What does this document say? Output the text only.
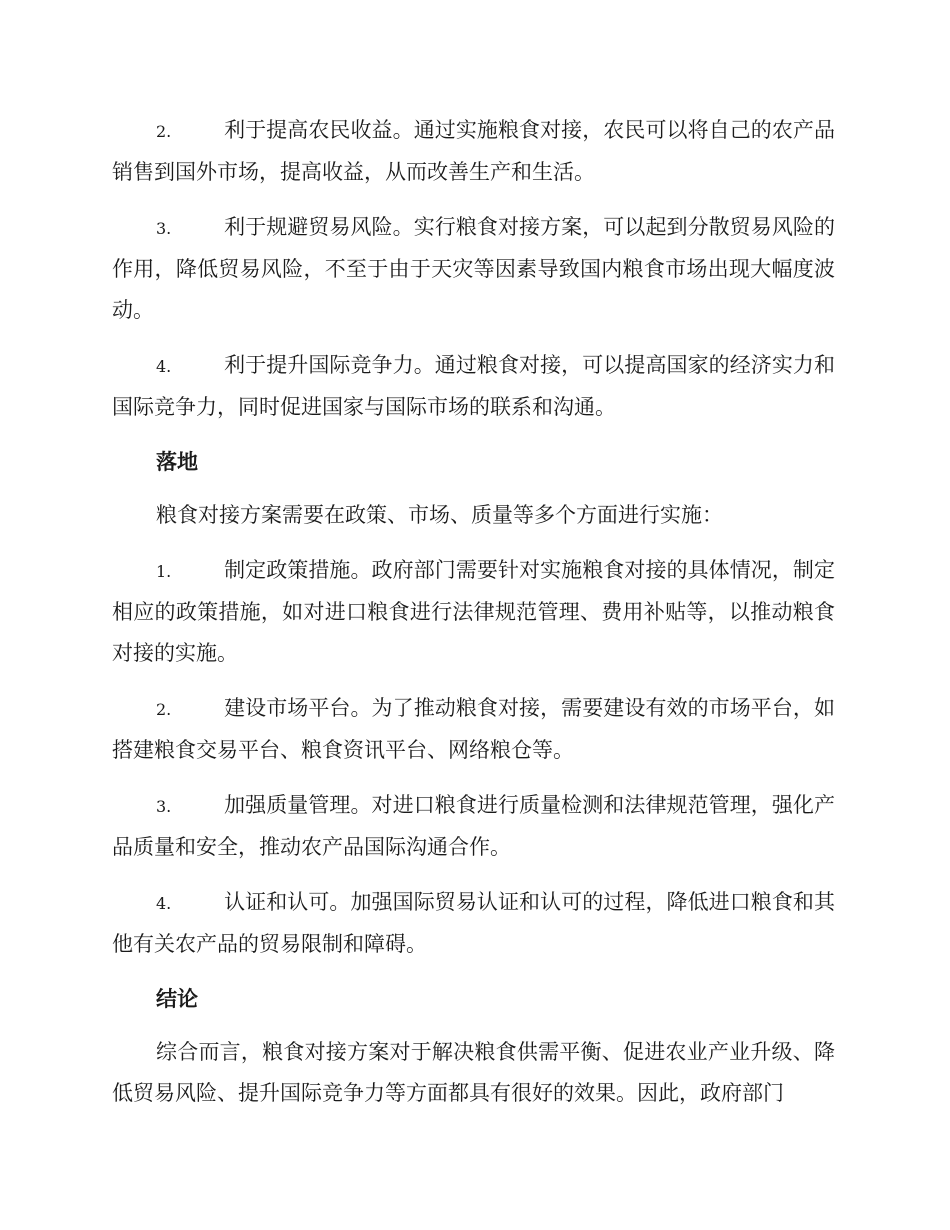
2.	利于提高农民收益。通过实施粮食对接，农民可以将自己的农产品销售到国外市场，提高收益，从而改善生产和生活。
3.	利于规避贸易风险。实行粮食对接方案，可以起到分散贸易风险的作用，降低贸易风险，不至于由于天灾等因素导致国内粮食市场出现大幅度波动。
4.	利于提升国际竞争力。通过粮食对接，可以提高国家的经济实力和国际竞争力，同时促进国家与国际市场的联系和沟通。
落地
粮食对接方案需要在政策、市场、质量等多个方面进行实施：
1.	制定政策措施。政府部门需要针对实施粮食对接的具体情况，制定相应的政策措施，如对进口粮食进行法律规范管理、费用补贴等，以推动粮食对接的实施。
2.	建设市场平台。为了推动粮食对接，需要建设有效的市场平台，如搭建粮食交易平台、粮食资讯平台、网络粮仓等。
3.	加强质量管理。对进口粮食进行质量检测和法律规范管理，强化产品质量和安全，推动农产品国际沟通合作。
4.	认证和认可。加强国际贸易认证和认可的过程，降低进口粮食和其他有关农产品的贸易限制和障碍。
结论
综合而言，粮食对接方案对于解决粮食供需平衡、促进农业产业升级、降低贸易风险、提升国际竞争力等方面都具有很好的效果。因此，政府部门
